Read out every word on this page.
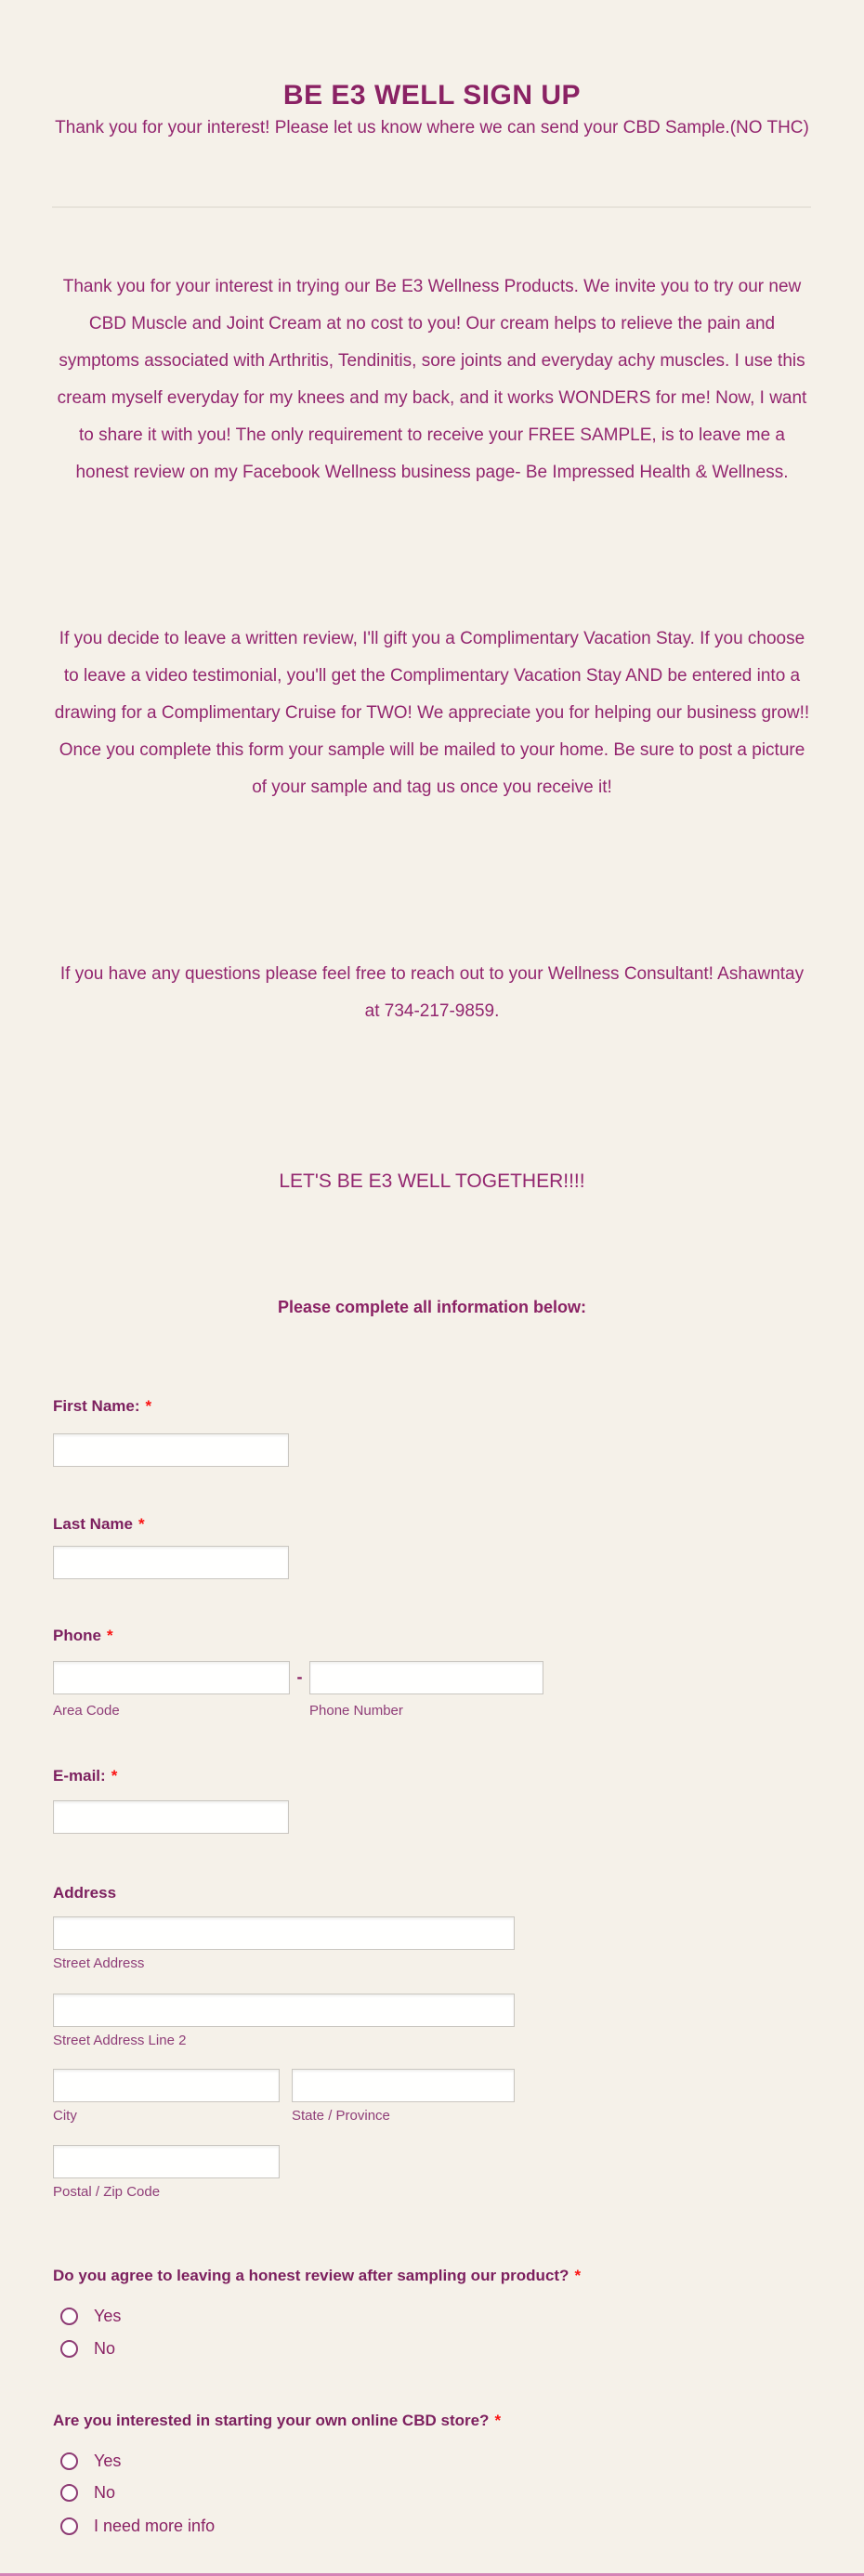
BE E3 WELL SIGN UP
Thank you for your interest! Please let us know where we can send your CBD Sample.(NO THC)
Thank you for your interest in trying our Be E3 Wellness Products. We invite you to try our new CBD Muscle and Joint Cream at no cost to you! Our cream helps to relieve the pain and symptoms associated with Arthritis, Tendinitis, sore joints and everyday achy muscles. I use this cream myself everyday for my knees and my back, and it works WONDERS for me! Now, I want to share it with you! The only requirement to receive your FREE SAMPLE, is to leave me a honest review on my Facebook Wellness business page- Be Impressed Health & Wellness.
If you decide to leave a written review, I'll gift you a Complimentary Vacation Stay. If you choose to leave a video testimonial, you'll get the Complimentary Vacation Stay AND be entered into a drawing for a Complimentary Cruise for TWO! We appreciate you for helping our business grow!! Once you complete this form your sample will be mailed to your home. Be sure to post a picture of your sample and tag us once you receive it!
If you have any questions please feel free to reach out to your Wellness Consultant! Ashawntay at 734-217-9859.
LET'S BE E3 WELL TOGETHER!!!!
Please complete all information below:
First Name: *
Last Name *
Phone *
-
Area Code	Phone Number
E-mail: *
Address
Street Address
Street Address Line 2
City	State / Province
Postal / Zip Code
Do you agree to leaving a honest review after sampling our product? *
Yes
No
Are you interested in starting your own online CBD store? *
Yes
No
I need more info
